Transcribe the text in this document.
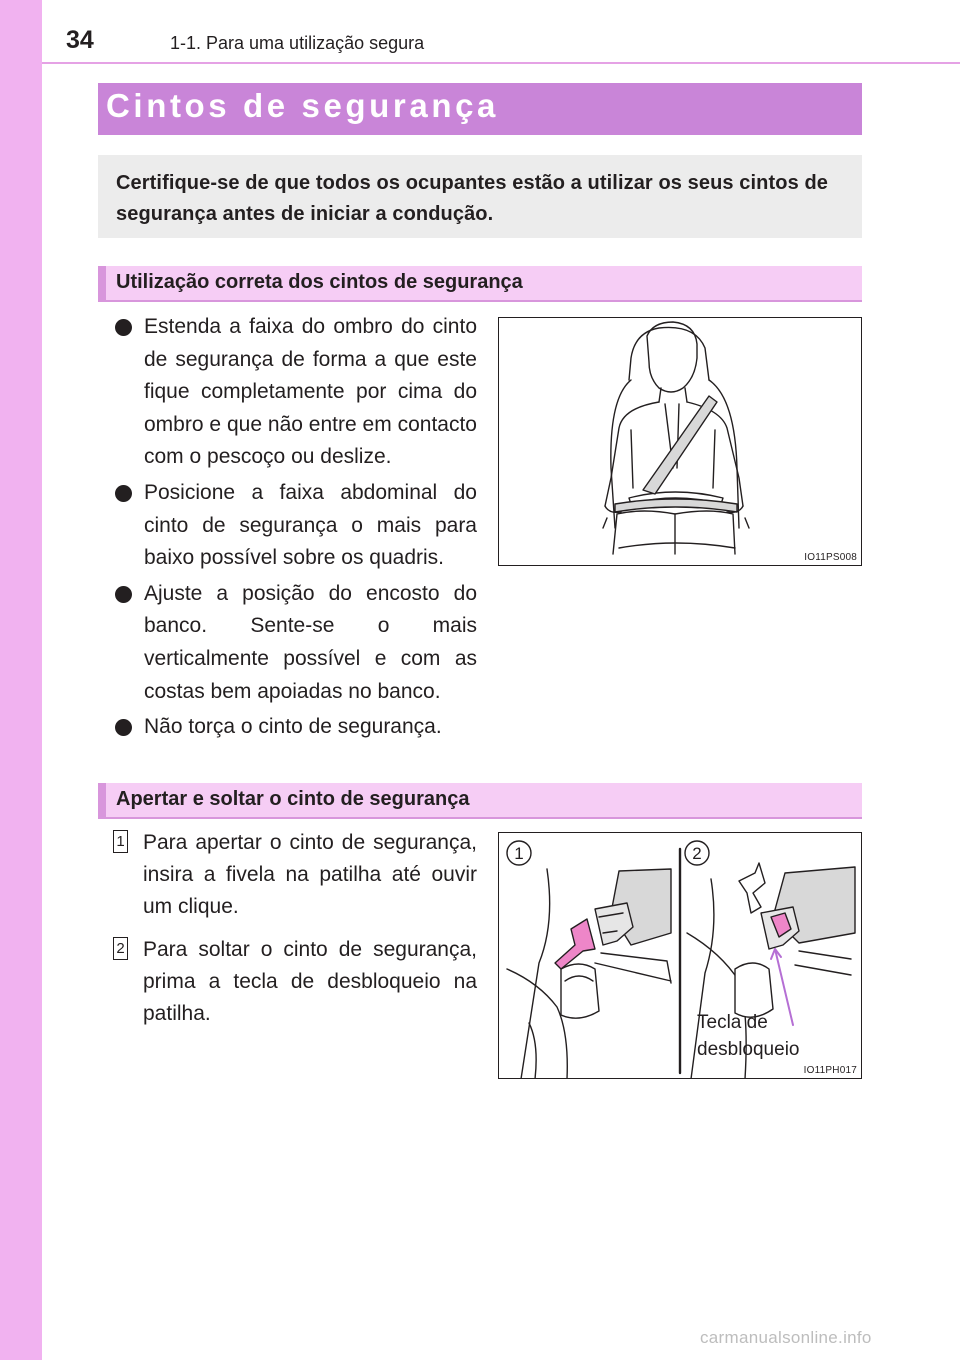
34	1-1. Para uma utilização segura
Cintos de segurança
Certifique-se de que todos os ocupantes estão a utilizar os seus cintos de segurança antes de iniciar a condução.
Utilização correta dos cintos de segurança
Estenda a faixa do ombro do cinto de segurança de forma a que este fique completamente por cima do ombro e que não entre em contacto com o pescoço ou deslize.
Posicione a faixa abdominal do cinto de segurança o mais para baixo possível sobre os quadris.
Ajuste a posição do encosto do banco. Sente-se o mais verticalmente possível e com as costas bem apoiadas no banco.
Não torça o cinto de segurança.
IO11PS008
Apertar e soltar o cinto de segurança
1 Para apertar o cinto de segurança, insira a fivela na patilha até ouvir um clique.
2 Para soltar o cinto de segurança, prima a tecla de desbloqueio na patilha.
1	2
Tecla de
desbloqueio
IO11PH017
carmanualsonline.info
